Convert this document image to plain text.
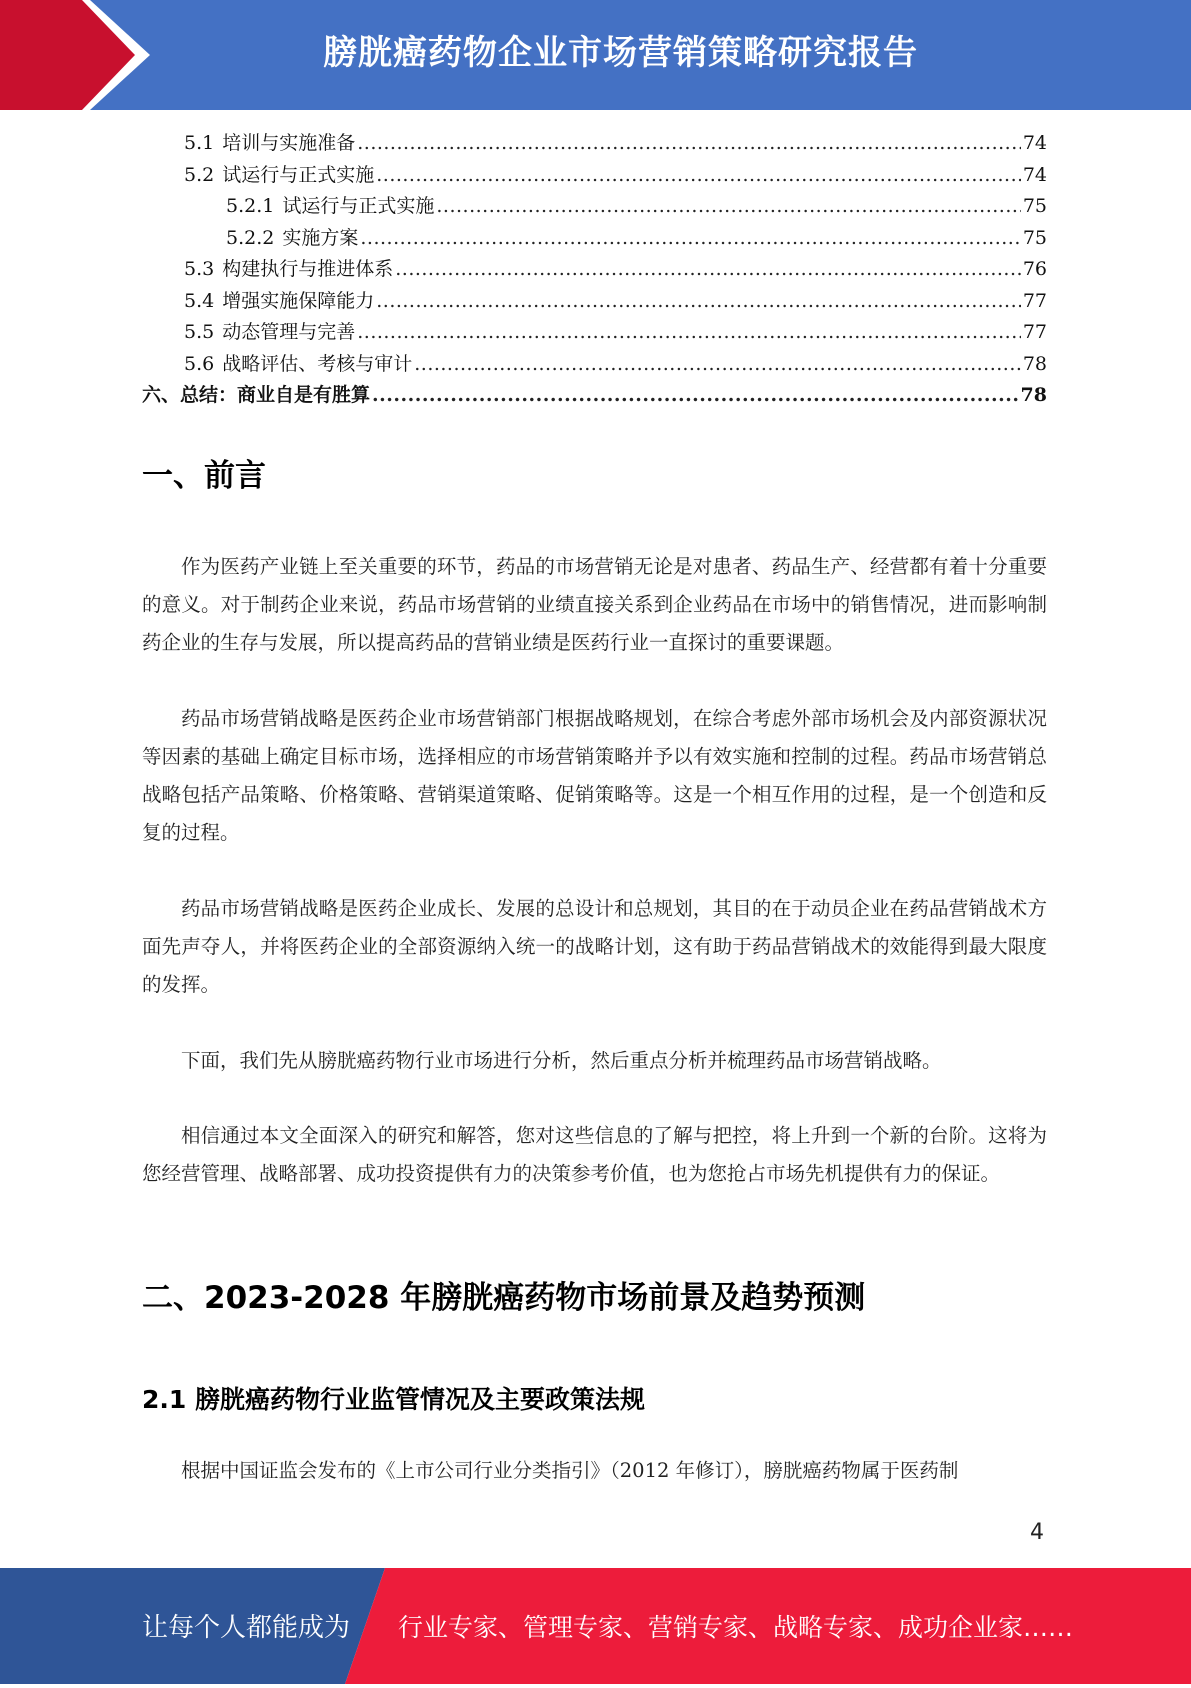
膀胱癌药物企业市场营销策略研究报告
5.1 培训与实施准备 .....	74
5.2 试运行与正式实施 .....	74
5.2.1 试运行与正式实施 .....	75
5.2.2 实施方案 .....	75
5.3 构建执行与推进体系 .....	76
5.4 增强实施保障能力 .....	77
5.5 动态管理与完善 .....	77
5.6 战略评估、考核与审计 .....	78
六、总结：商业自是有胜算 .....	78
一、前言
作为医药产业链上至关重要的环节，药品的市场营销无论是对患者、药品生产、经营都有着十分重要的意义。对于制药企业来说，药品市场营销的业绩直接关系到企业药品在市场中的销售情况，进而影响制药企业的生存与发展，所以提高药品的营销业绩是医药行业一直探讨的重要课题。
药品市场营销战略是医药企业市场营销部门根据战略规划，在综合考虑外部市场机会及内部资源状况等因素的基础上确定目标市场，选择相应的市场营销策略并予以有效实施和控制的过程。药品市场营销总战略包括产品策略、价格策略、营销渠道策略、促销策略等。这是一个相互作用的过程，是一个创造和反复的过程。
药品市场营销战略是医药企业成长、发展的总设计和总规划，其目的在于动员企业在药品营销战术方面先声夺人，并将医药企业的全部资源纳入统一的战略计划，这有助于药品营销战术的效能得到最大限度的发挥。
下面，我们先从膀胱癌药物行业市场进行分析，然后重点分析并梳理药品市场营销战略。
相信通过本文全面深入的研究和解答，您对这些信息的了解与把控，将上升到一个新的台阶。这将为您经营管理、战略部署、成功投资提供有力的决策参考价值，也为您抢占市场先机提供有力的保证。
二、2023-2028 年膀胱癌药物市场前景及趋势预测
2.1 膀胱癌药物行业监管情况及主要政策法规
根据中国证监会发布的《上市公司行业分类指引》（2012 年修订），膀胱癌药物属于医药制
4
让每个人都能成为 行业专家、管理专家、营销专家、战略专家、成功企业家……
